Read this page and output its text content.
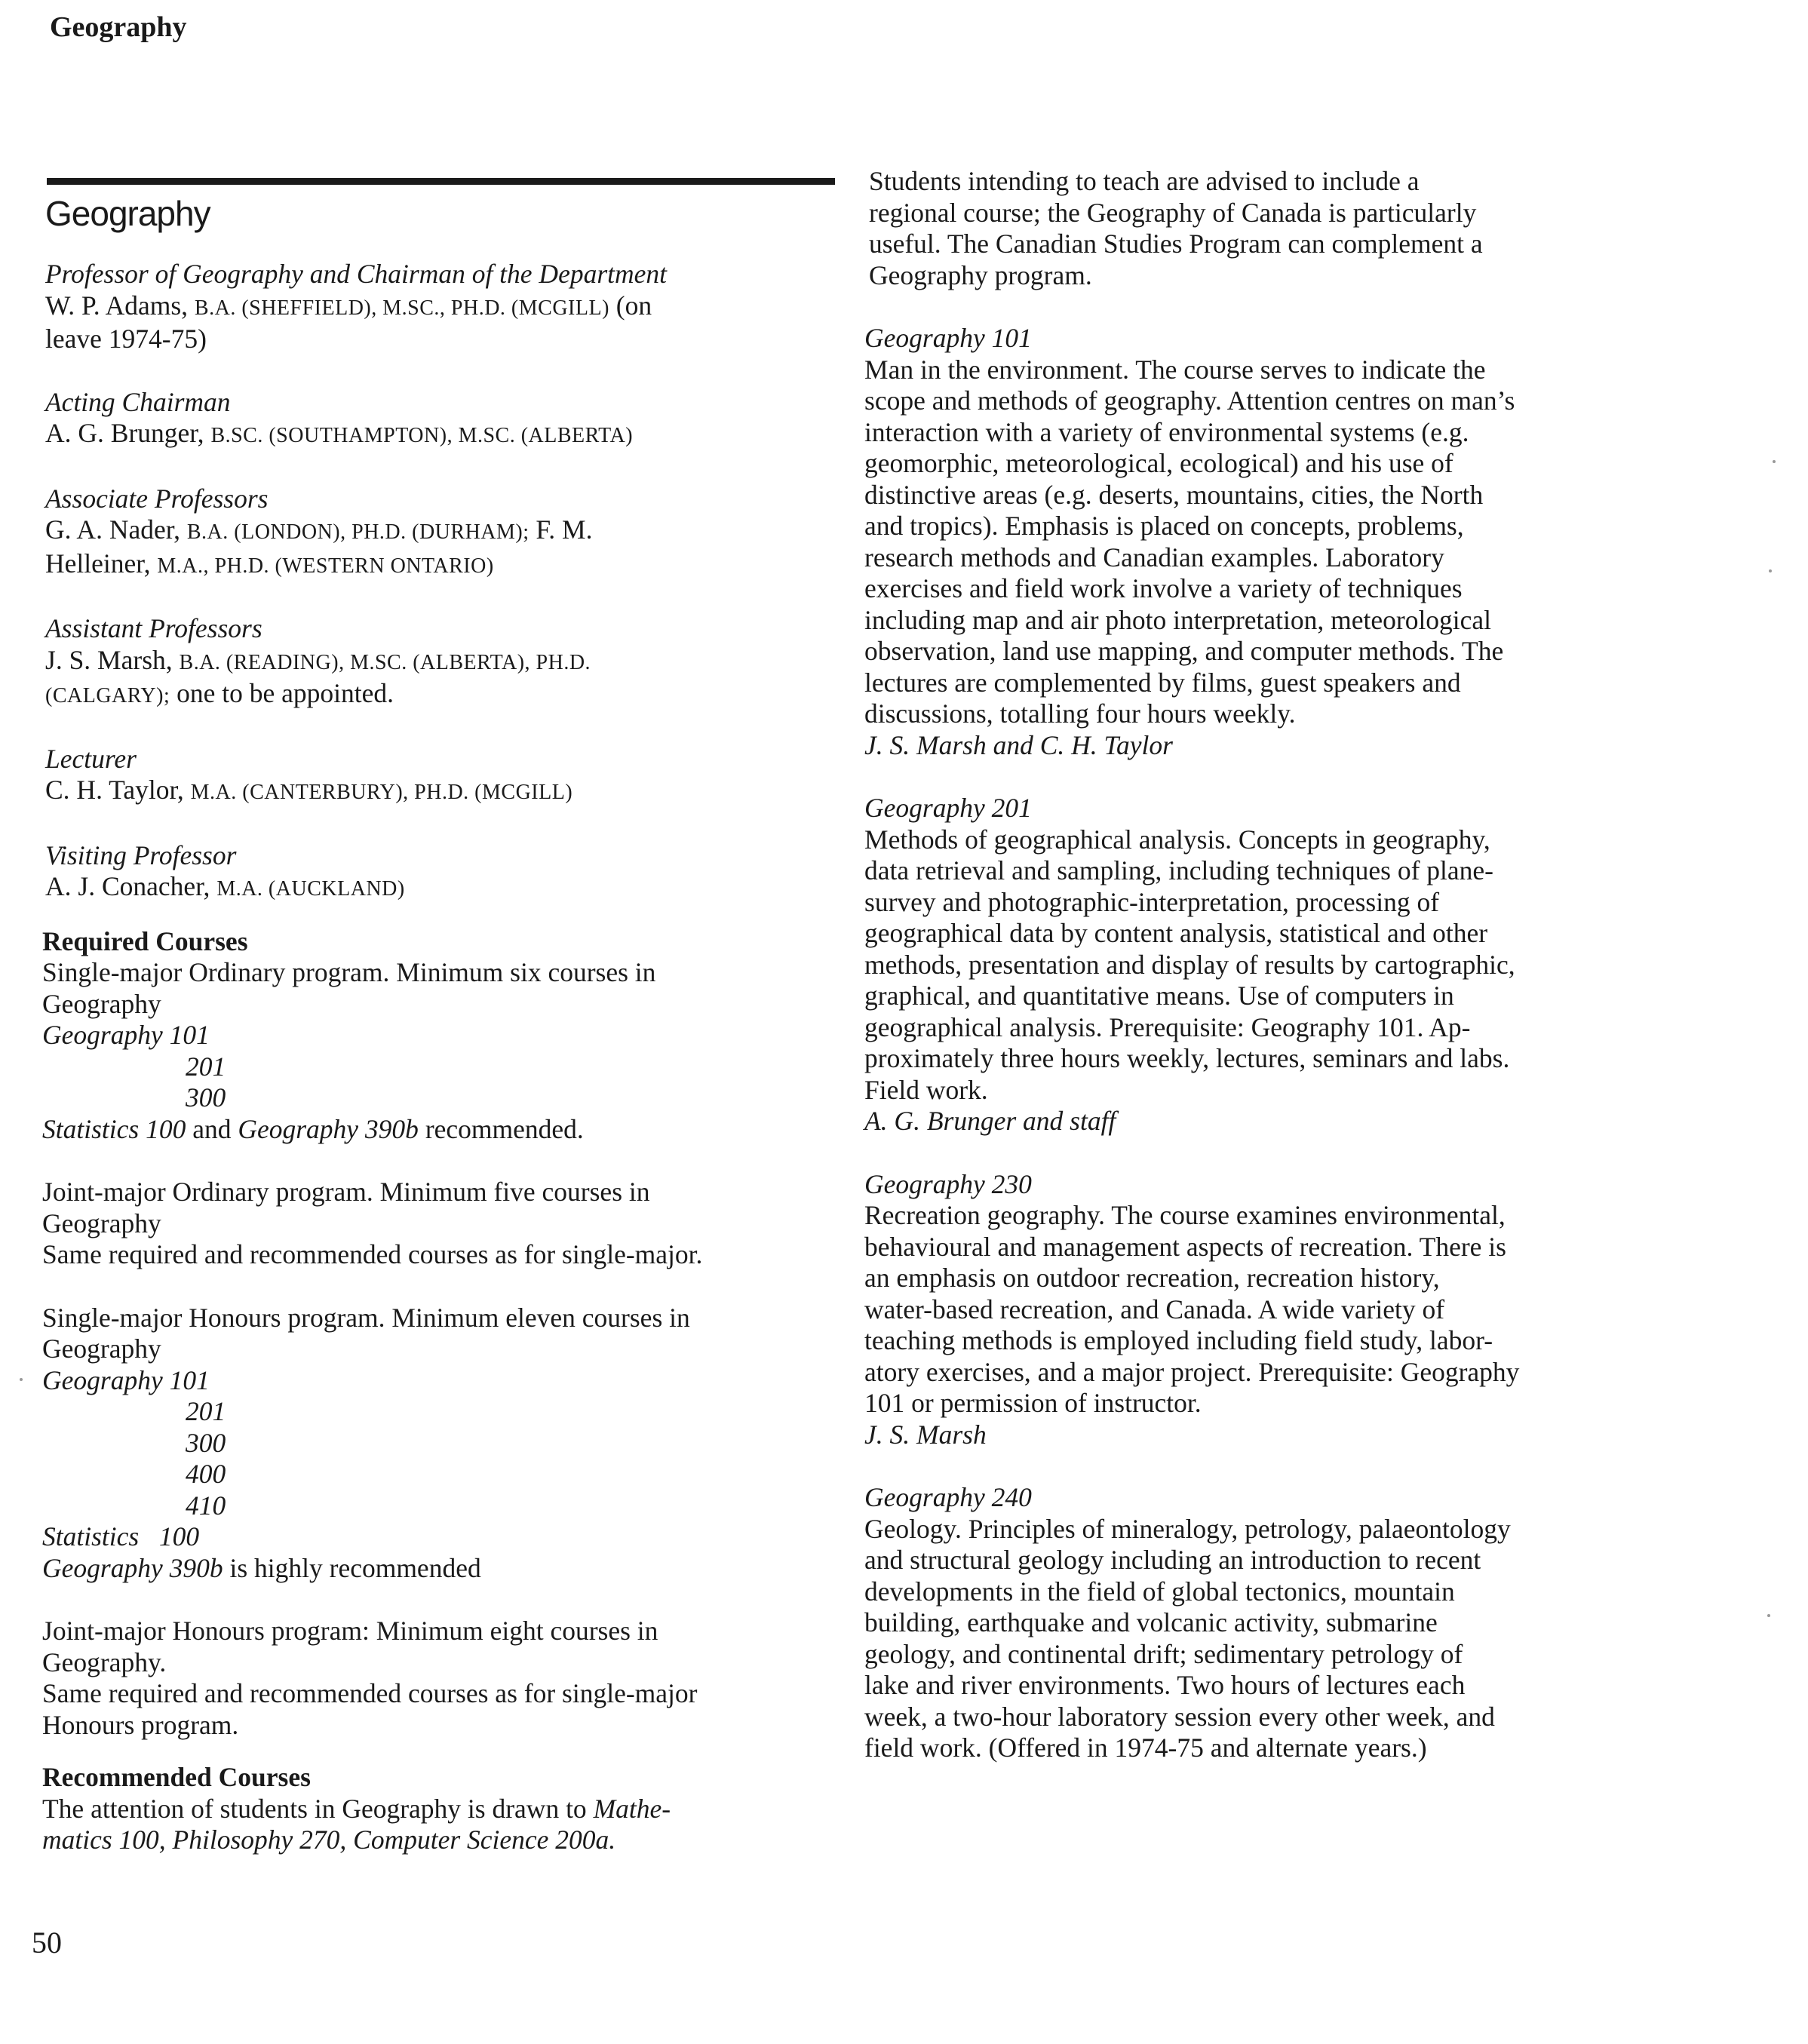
Geography
Geography
Professor of Geography and Chairman of the Department
W. P. Adams, B.A. (SHEFFIELD), M.SC., PH.D. (MCGILL) (on
leave 1974-75)
Acting Chairman
A. G. Brunger, B.SC. (SOUTHAMPTON), M.SC. (ALBERTA)
Associate Professors
G. A. Nader, B.A. (LONDON), PH.D. (DURHAM); F. M.
Helleiner, M.A., PH.D. (WESTERN ONTARIO)
Assistant Professors
J. S. Marsh, B.A. (READING), M.SC. (ALBERTA), PH.D.
(CALGARY); one to be appointed.
Lecturer
C. H. Taylor, M.A. (CANTERBURY), PH.D. (MCGILL)
Visiting Professor
A. J. Conacher, M.A. (AUCKLAND)
Required Courses
Single-major Ordinary program. Minimum six courses in
Geography
Geography 101
201
300
Statistics 100 and Geography 390b recommended.
Joint-major Ordinary program. Minimum five courses in
Geography
Same required and recommended courses as for single-major.
Single-major Honours program. Minimum eleven courses in
Geography
Geography 101
201
300
400
410
Statistics   100
Geography 390b is highly recommended
Joint-major Honours program: Minimum eight courses in
Geography.
Same required and recommended courses as for single-major
Honours program.
Recommended Courses
The attention of students in Geography is drawn to Mathe-
matics 100, Philosophy 270, Computer Science 200a.
Students intending to teach are advised to include a
regional course; the Geography of Canada is particularly
useful. The Canadian Studies Program can complement a
Geography program.
Geography 101
Man in the environment. The course serves to indicate the
scope and methods of geography. Attention centres on man’s
interaction with a variety of environmental systems (e.g.
geomorphic, meteorological, ecological) and his use of
distinctive areas (e.g. deserts, mountains, cities, the North
and tropics). Emphasis is placed on concepts, problems,
research methods and Canadian examples. Laboratory
exercises and field work involve a variety of techniques
including map and air photo interpretation, meteorological
observation, land use mapping, and computer methods. The
lectures are complemented by films, guest speakers and
discussions, totalling four hours weekly.
J. S. Marsh and C. H. Taylor
Geography 201
Methods of geographical analysis. Concepts in geography,
data retrieval and sampling, including techniques of plane-
survey and photographic-interpretation, processing of
geographical data by content analysis, statistical and other
methods, presentation and display of results by cartographic,
graphical, and quantitative means. Use of computers in
geographical analysis. Prerequisite: Geography 101. Ap-
proximately three hours weekly, lectures, seminars and labs.
Field work.
A. G. Brunger and staff
Geography 230
Recreation geography. The course examines environmental,
behavioural and management aspects of recreation. There is
an emphasis on outdoor recreation, recreation history,
water-based recreation, and Canada. A wide variety of
teaching methods is employed including field study, labor-
atory exercises, and a major project. Prerequisite: Geography
101 or permission of instructor.
J. S. Marsh
Geography 240
Geology. Principles of mineralogy, petrology, palaeontology
and structural geology including an introduction to recent
developments in the field of global tectonics, mountain
building, earthquake and volcanic activity, submarine
geology, and continental drift; sedimentary petrology of
lake and river environments. Two hours of lectures each
week, a two-hour laboratory session every other week, and
field work. (Offered in 1974-75 and alternate years.)
50
